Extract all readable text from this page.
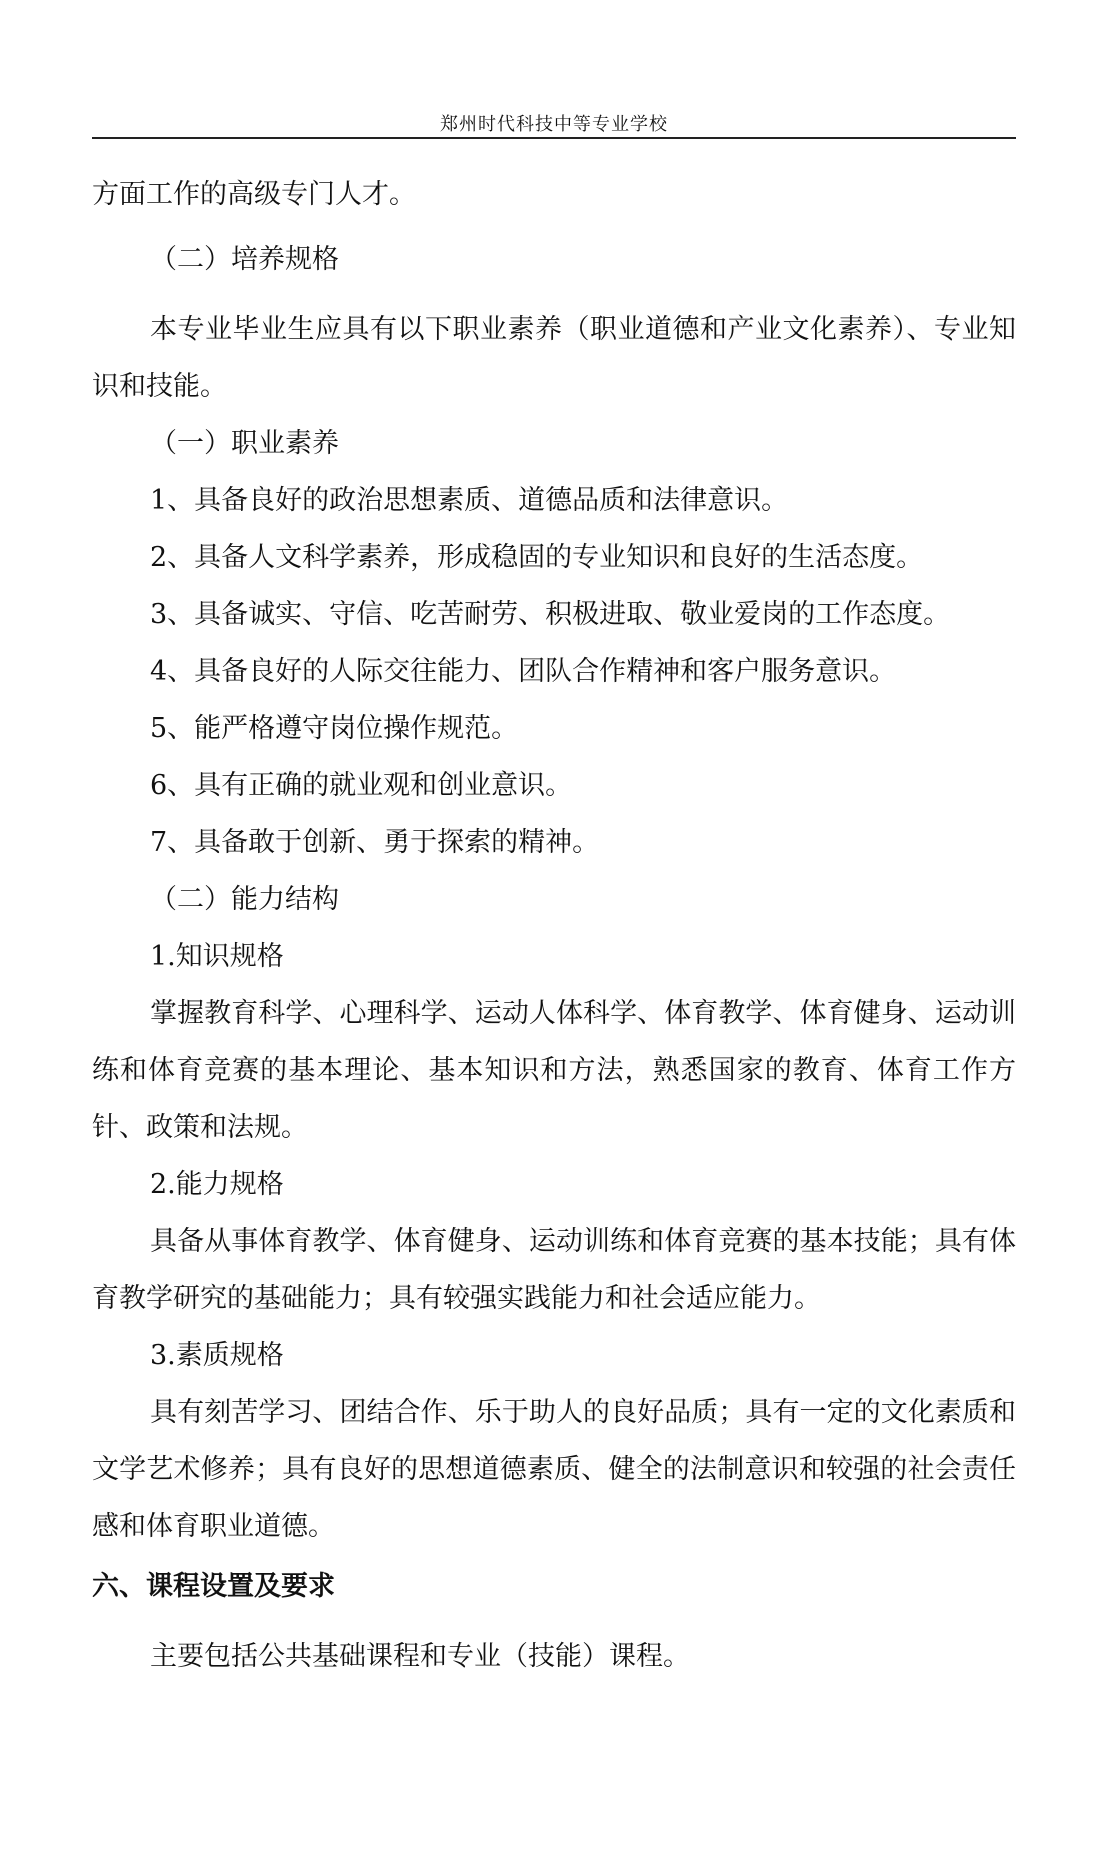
郑州时代科技中等专业学校

方面工作的高级专门人才。

（二）培养规格

本专业毕业生应具有以下职业素养（职业道德和产业文化素养）、专业知识和技能。

（一）职业素养

1、具备良好的政治思想素质、道德品质和法律意识。

2、具备人文科学素养，形成稳固的专业知识和良好的生活态度。

3、具备诚实、守信、吃苦耐劳、积极进取、敬业爱岗的工作态度。

4、具备良好的人际交往能力、团队合作精神和客户服务意识。

5、能严格遵守岗位操作规范。

6、具有正确的就业观和创业意识。

7、具备敢于创新、勇于探索的精神。

（二）能力结构

1.知识规格

掌握教育科学、心理科学、运动人体科学、体育教学、体育健身、运动训练和体育竞赛的基本理论、基本知识和方法，熟悉国家的教育、体育工作方针、政策和法规。

2.能力规格

具备从事体育教学、体育健身、运动训练和体育竞赛的基本技能；具有体育教学研究的基础能力；具有较强实践能力和社会适应能力。

3.素质规格

具有刻苦学习、团结合作、乐于助人的良好品质；具有一定的文化素质和文学艺术修养；具有良好的思想道德素质、健全的法制意识和较强的社会责任感和体育职业道德。

六、课程设置及要求

主要包括公共基础课程和专业（技能）课程。
